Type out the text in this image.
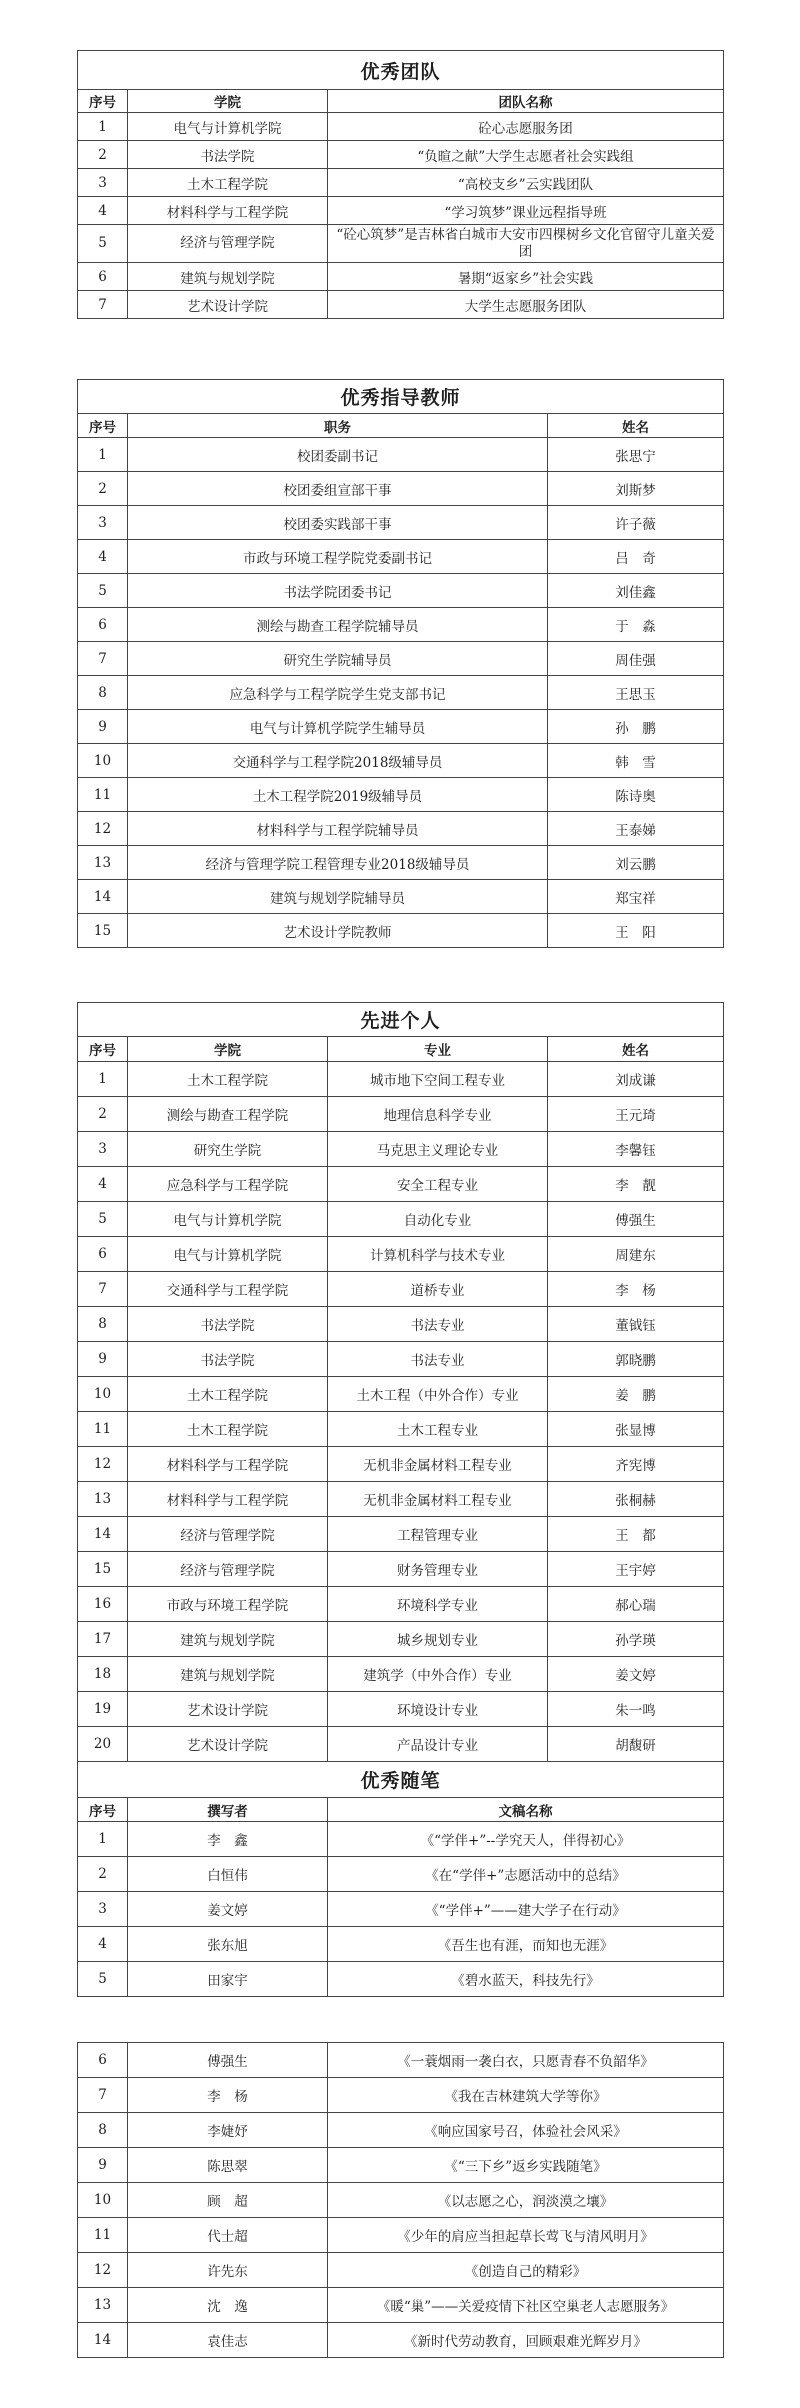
优秀团队		
序号	学院	团队名称
1	电气与计算机学院	砼心志愿服务团
2	书法学院	“负暄之献”大学生志愿者社会实践组
3	土木工程学院	“高校支乡”云实践团队
4	材料科学与工程学院	“学习筑梦”课业远程指导班
5	经济与管理学院	“砼心筑梦”是吉林省白城市大安市四棵树乡文化官留守儿童关爱团
6	建筑与规划学院	暑期“返家乡”社会实践
7	艺术设计学院	大学生志愿服务团队
优秀指导教师		
序号	职务	姓名
1	校团委副书记	张思宁
2	校团委组宣部干事	刘斯梦
3	校团委实践部干事	许子薇
4	市政与环境工程学院党委副书记	吕　奇
5	书法学院团委书记	刘佳鑫
6	测绘与勘查工程学院辅导员	于　淼
7	研究生学院辅导员	周佳强
8	应急科学与工程学院学生党支部书记	王思玉
9	电气与计算机学院学生辅导员	孙　鹏
10	交通科学与工程学院2018级辅导员	韩　雪
11	土木工程学院2019级辅导员	陈诗奥
12	材料科学与工程学院辅导员	王泰娣
13	经济与管理学院工程管理专业2018级辅导员	刘云鹏
14	建筑与规划学院辅导员	郑宝祥
15	艺术设计学院教师	王　阳
先进个人			
序号	学院	专业	姓名
1	土木工程学院	城市地下空间工程专业	刘成谦
2	测绘与勘查工程学院	地理信息科学专业	王元琦
3	研究生学院	马克思主义理论专业	李馨钰
4	应急科学与工程学院	安全工程专业	李　靓
5	电气与计算机学院	自动化专业	傅强生
6	电气与计算机学院	计算机科学与技术专业	周建东
7	交通科学与工程学院	道桥专业	李　杨
8	书法学院	书法专业	董钺钰
9	书法学院	书法专业	郭晓鹏
10	土木工程学院	土木工程（中外合作）专业	姜　鹏
11	土木工程学院	土木工程专业	张显博
12	材料科学与工程学院	无机非金属材料工程专业	齐宪博
13	材料科学与工程学院	无机非金属材料工程专业	张桐赫
14	经济与管理学院	工程管理专业	王　都
15	经济与管理学院	财务管理专业	王宇婷
16	市政与环境工程学院	环境科学专业	郝心瑞
17	建筑与规划学院	城乡规划专业	孙学瑛
18	建筑与规划学院	建筑学（中外合作）专业	姜文婷
19	艺术设计学院	环境设计专业	朱一鸣
20	艺术设计学院	产品设计专业	胡馥研
优秀随笔		
序号	撰写者	文稿名称
1	李　鑫	《“学伴+”--学究天人，伴得初心》
2	白恒伟	《在“学伴+”志愿活动中的总结》
3	姜文婷	《“学伴+”——建大学子在行动》
4	张东旭	《吾生也有涯，而知也无涯》
5	田家宇	《碧水蓝天，科技先行》
6	傅强生	《一蓑烟雨一袭白衣，只愿青春不负韶华》
7	李　杨	《我在吉林建筑大学等你》
8	李婕妤	《响应国家号召，体验社会风采》
9	陈思翠	《“三下乡”返乡实践随笔》
10	顾　超	《以志愿之心，润淡漠之壤》
11	代士超	《少年的肩应当担起草长莺飞与清风明月》
12	许先东	《创造自己的精彩》
13	沈　逸	《暖“巢”——关爱疫情下社区空巢老人志愿服务》
14	袁佳志	《新时代劳动教育，回顾艰难光辉岁月》
